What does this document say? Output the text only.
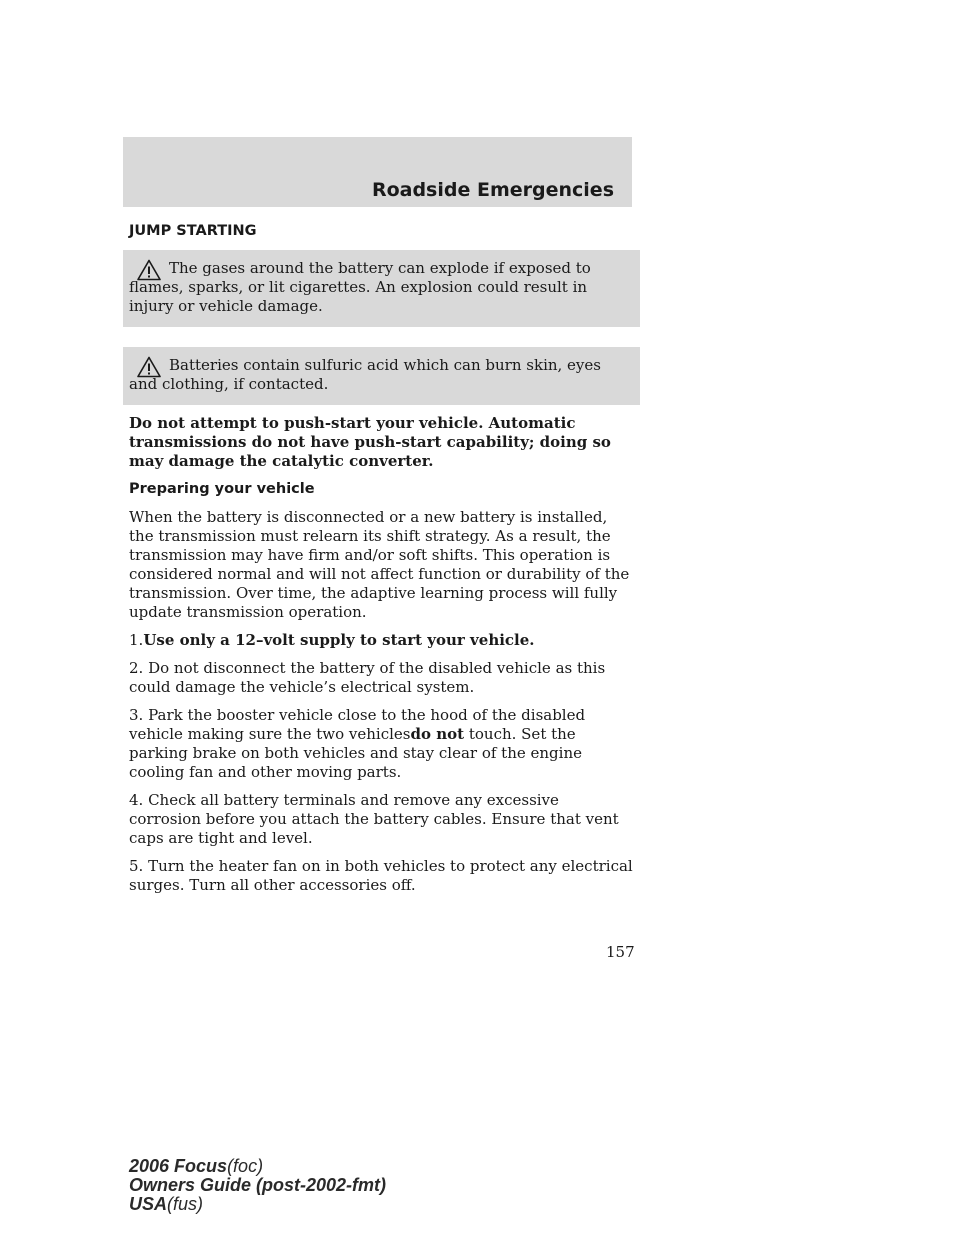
Roadside Emergencies
JUMP STARTING

The gases around the battery can explode if exposed to flames, sparks, or lit cigarettes. An explosion could result in injury or vehicle damage.

Batteries contain sulfuric acid which can burn skin, eyes and clothing, if contacted.

Do not attempt to push-start your vehicle. Automatic transmissions do not have push-start capability; doing so may damage the catalytic converter.

Preparing your vehicle

When the battery is disconnected or a new battery is installed, the transmission must relearn its shift strategy. As a result, the transmission may have firm and/or soft shifts. This operation is considered normal and will not affect function or durability of the transmission. Over time, the adaptive learning process will fully update transmission operation.

1.Use only a 12–volt supply to start your vehicle.

2. Do not disconnect the battery of the disabled vehicle as this could damage the vehicle’s electrical system.

3. Park the booster vehicle close to the hood of the disabled vehicle making sure the two vehiclesdo not touch. Set the parking brake on both vehicles and stay clear of the engine cooling fan and other moving parts.

4. Check all battery terminals and remove any excessive corrosion before you attach the battery cables. Ensure that vent caps are tight and level.

5. Turn the heater fan on in both vehicles to protect any electrical surges. Turn all other accessories off.

157
2006 Focus(foc)
Owners Guide (post-2002-fmt)
USA(fus)
